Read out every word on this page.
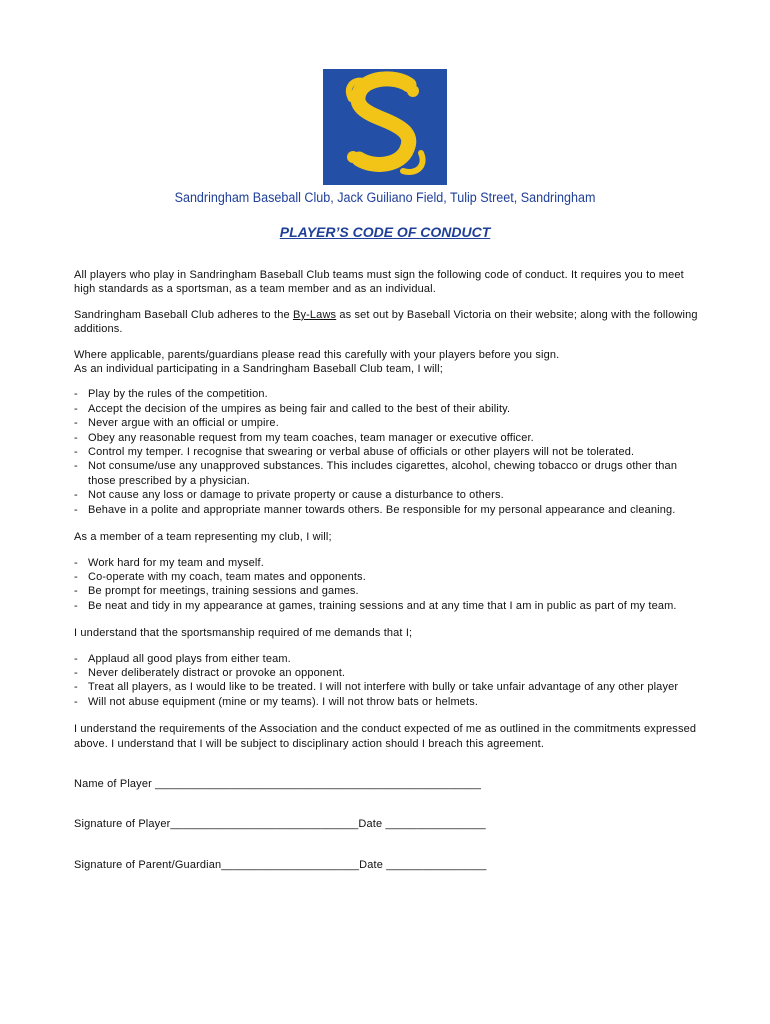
Sandringham Baseball Club, Jack Guiliano Field, Tulip Street, Sandringham
PLAYER’S CODE OF CONDUCT

All players who play in Sandringham Baseball Club teams must sign the following code of conduct. It requires you to meet high standards as a sportsman, as a team member and as an individual.

Sandringham Baseball Club adheres to the By-Laws as set out by Baseball Victoria on their website; along with the following additions.

Where applicable, parents/guardians please read this carefully with your players before you sign.

As an individual participating in a Sandringham Baseball Club team, I will;

- Play by the rules of the competition.
- Accept the decision of the umpires as being fair and called to the best of their ability.
- Never argue with an official or umpire.
- Obey any reasonable request from my team coaches, team manager or executive officer.
- Control my temper. I recognise that swearing or verbal abuse of officials or other players will not be tolerated.
- Not consume/use any unapproved substances. This includes cigarettes, alcohol, chewing tobacco or drugs other than those prescribed by a physician.
- Not cause any loss or damage to private property or cause a disturbance to others.
- Behave in a polite and appropriate manner towards others. Be responsible for my personal appearance and cleaning.

As a member of a team representing my club, I will;

- Work hard for my team and myself.
- Co-operate with my coach, team mates and opponents.
- Be prompt for meetings, training sessions and games.
- Be neat and tidy in my appearance at games, training sessions and at any time that I am in public as part of my team.

I understand that the sportsmanship required of me demands that I;

- Applaud all good plays from either team.
- Never deliberately distract or provoke an opponent.
- Treat all players, as I would like to be treated. I will not interfere with bully or take unfair advantage of any other player
- Will not abuse equipment (mine or my teams). I will not throw bats or helmets.

I understand the requirements of the Association and the conduct expected of me as outlined in the commitments expressed above. I understand that I will be subject to disciplinary action should I breach this agreement.

Name of Player ____________________________________________________

Signature of Player______________________________Date ________________

Signature of Parent/Guardian______________________Date ________________
